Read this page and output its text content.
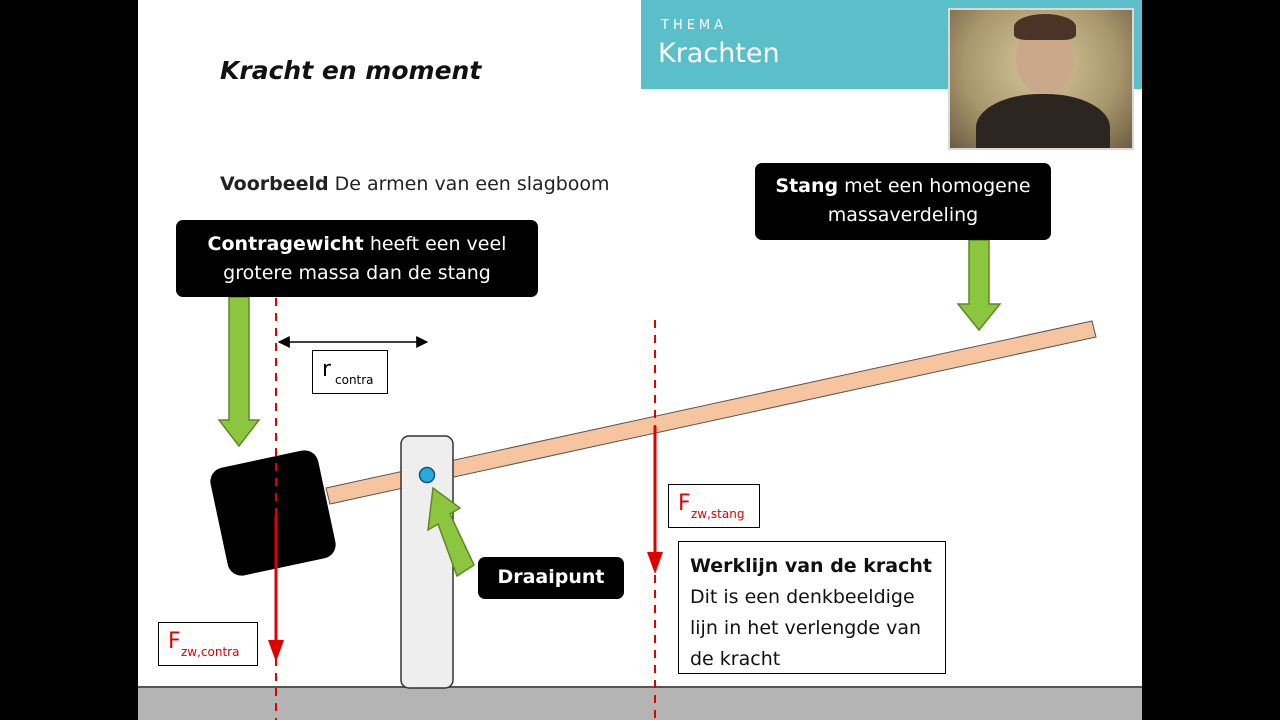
THEMA
Krachten
Kracht en moment
Voorbeeld De armen van een slagboom
Contragewicht heeft een veel
grotere massa dan de stang
Stang met een homogene
massaverdeling
Draaipunt
r contra
F zw,stang
F zw,contra
Werklijn van de kracht
Dit is een denkbeeldige
lijn in het verlengde van
de kracht
